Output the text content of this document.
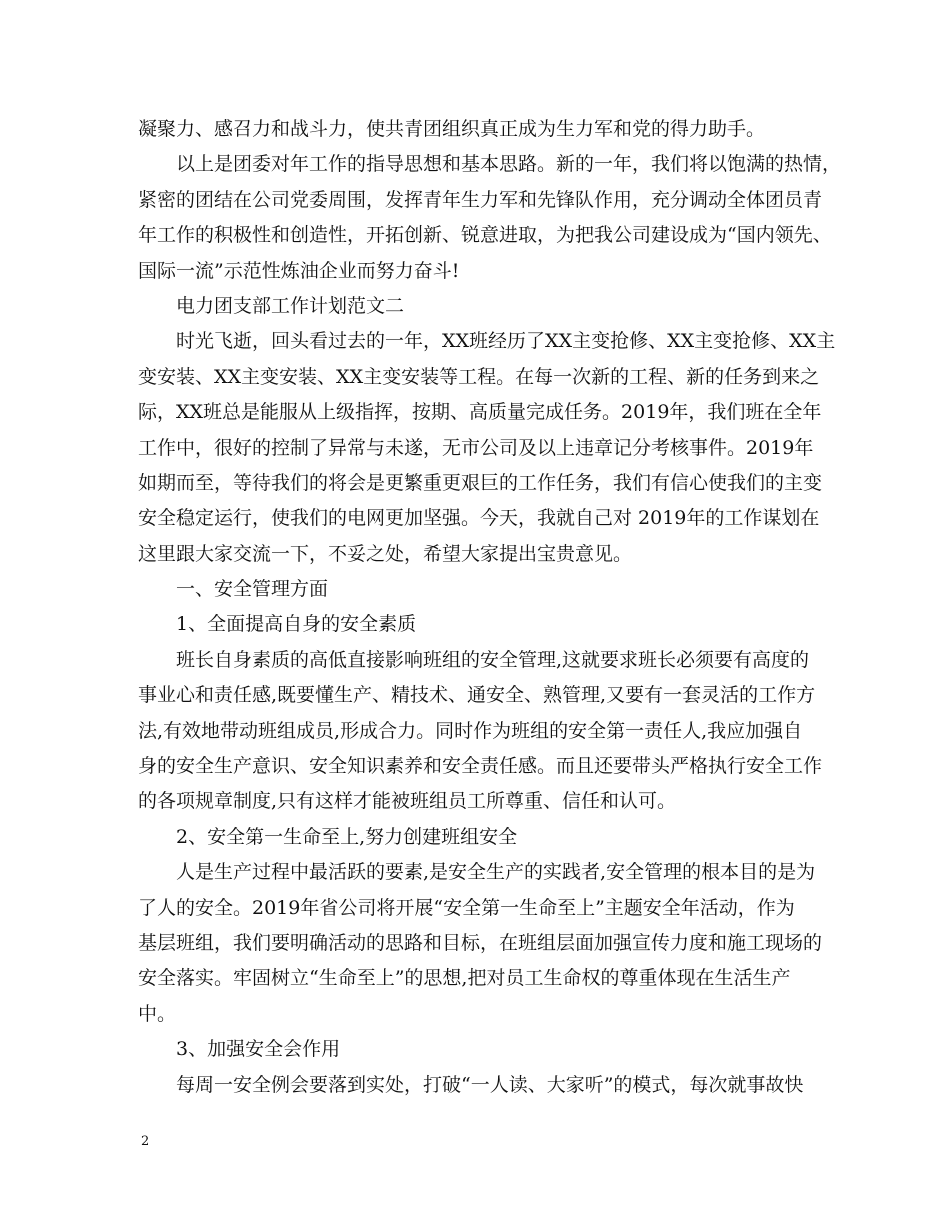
凝聚力、感召力和战斗力，使共青团组织真正成为生力军和党的得力助手。
以上是团委对年工作的指导思想和基本思路。新的一年，我们将以饱满的热情，
紧密的团结在公司党委周围，发挥青年生力军和先锋队作用，充分调动全体团员青
年工作的积极性和创造性，开拓创新、锐意进取，为把我公司建设成为“国内领先、
国际一流”示范性炼油企业而努力奋斗!
电力团支部工作计划范文二
时光飞逝，回头看过去的一年，XX班经历了XX主变抢修、XX主变抢修、XX主
变安装、XX主变安装、XX主变安装等工程。在每一次新的工程、新的任务到来之
际，XX班总是能服从上级指挥，按期、高质量完成任务。2019年，我们班在全年
工作中，很好的控制了异常与未遂，无市公司及以上违章记分考核事件。2019年
如期而至，等待我们的将会是更繁重更艰巨的工作任务，我们有信心使我们的主变
安全稳定运行，使我们的电网更加坚强。今天，我就自己对 2019年的工作谋划在
这里跟大家交流一下，不妥之处，希望大家提出宝贵意见。
一、安全管理方面
1、全面提高自身的安全素质
班长自身素质的高低直接影响班组的安全管理,这就要求班长必须要有高度的
事业心和责任感,既要懂生产、精技术、通安全、熟管理,又要有一套灵活的工作方
法,有效地带动班组成员,形成合力。同时作为班组的安全第一责任人,我应加强自
身的安全生产意识、安全知识素养和安全责任感。而且还要带头严格执行安全工作
的各项规章制度,只有这样才能被班组员工所尊重、信任和认可。
2、安全第一生命至上,努力创建班组安全
人是生产过程中最活跃的要素,是安全生产的实践者,安全管理的根本目的是为
了人的安全。2019年省公司将开展“安全第一生命至上”主题安全年活动，作为
基层班组，我们要明确活动的思路和目标，在班组层面加强宣传力度和施工现场的
安全落实。牢固树立“生命至上”的思想,把对员工生命权的尊重体现在生活生产
中。
3、加强安全会作用
每周一安全例会要落到实处，打破“一人读、大家听”的模式，每次就事故快
2
